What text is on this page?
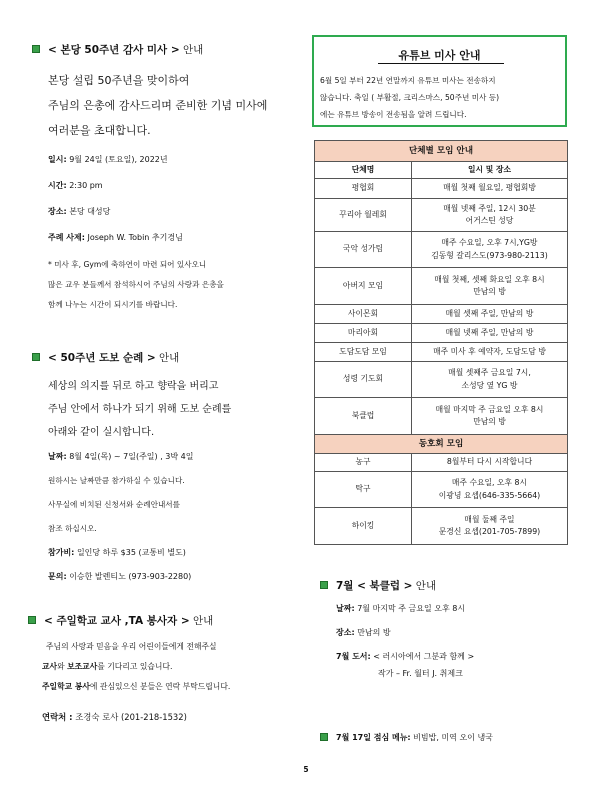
< 본당 50주년 감사 미사 > 안내
본당 설립 50주년을 맞이하여
주님의 은총에 감사드리며 준비한 기념 미사에
여러분을 초대합니다.
일시: 9월 24일 (토요일), 2022년
시간: 2:30 pm
장소: 본당 대성당
주례 사제: Joseph W. Tobin 추기경님
* 미사 후, Gym에 축하연이 마련 되어 있사오니
많은 교우 분들께서 참석하시어 주님의 사랑과 은총을
함께 나누는 시간이 되시기를 바랍니다.
< 50주년 도보 순례 > 안내
세상의 의지를 뒤로 하고 향락을 버리고
주님 안에서 하나가 되기 위해 도보 순례를
아래와 같이 실시합니다.
날짜: 8월 4일(목) ~ 7일(주일) , 3박 4일
원하시는 날짜만큼 참가하실 수 있습니다.
사무실에 비치된 신청서와 순례안내서를
참조 하십시오.
참가비: 일인당 하루 $35 (교통비 별도)
문의: 이승한 발렌티노 (973-903-2280)
< 주일학교 교사 ,TA 봉사자 > 안내
주님의 사랑과 믿음을 우리 어린이들에게 전해주실
교사와 보조교사를 기다리고 있습니다.
주일학교 봉사에 관심있으신 분들은 연락 부탁드립니다.
연락처 : 조경숙 로사 (201-218-1532)
유튜브 미사 안내
6월 5일 부터 22년 연말까지 유튜브 미사는 전송하지
않습니다. 축일 ( 부활절, 크리스마스, 50주년 미사 등)
에는 유튜브 방송이 전송됨을 알려 드립니다.
단체별 모임 안내	
단체명	일시 및 장소
평협회	매월 첫째 월요일, 평협회방

꾸리아 월레회	매월 넷째 주일, 12시 30분
어거스틴 성당

국악 성가팀	매주 수요일, 오후 7시,YG방
김동형 갈리스도(973-980-2113)

아버지 모임	매월 첫째, 셋째 화요일 오후 8시
만남의 방

사이몬회	매월 셋째 주일, 만남의 방

마리아회	매월 넷째 주일, 만남의 방

도담도담 모임	매주 미사 후 예약자, 도담도담 방

성령 기도회	매월 셋째주 금요일 7시,
소성당 옆 YG 방

북클럽	매월 마지막 주 금요일 오후 8시
만남의 방

동호회 모임	
농구	8월부터 다시 시작합니다

탁구	매주 수요일, 오후 8시
이광녕 요셉(646-335-5664)

하이킹	매월 둘째 주일
문경신 요셉(201-705-7899)
7월 < 북클럽 > 안내
날짜: 7월 마지막 주 금요일 오후 8시
장소: 만남의 방
7월 도서: < 러시아에서 그분과 함께 >
작가 – Fr. 월터 J. 취제크
7월 17일 점심 메뉴: 비빔밥, 미역 오이 냉국
5
